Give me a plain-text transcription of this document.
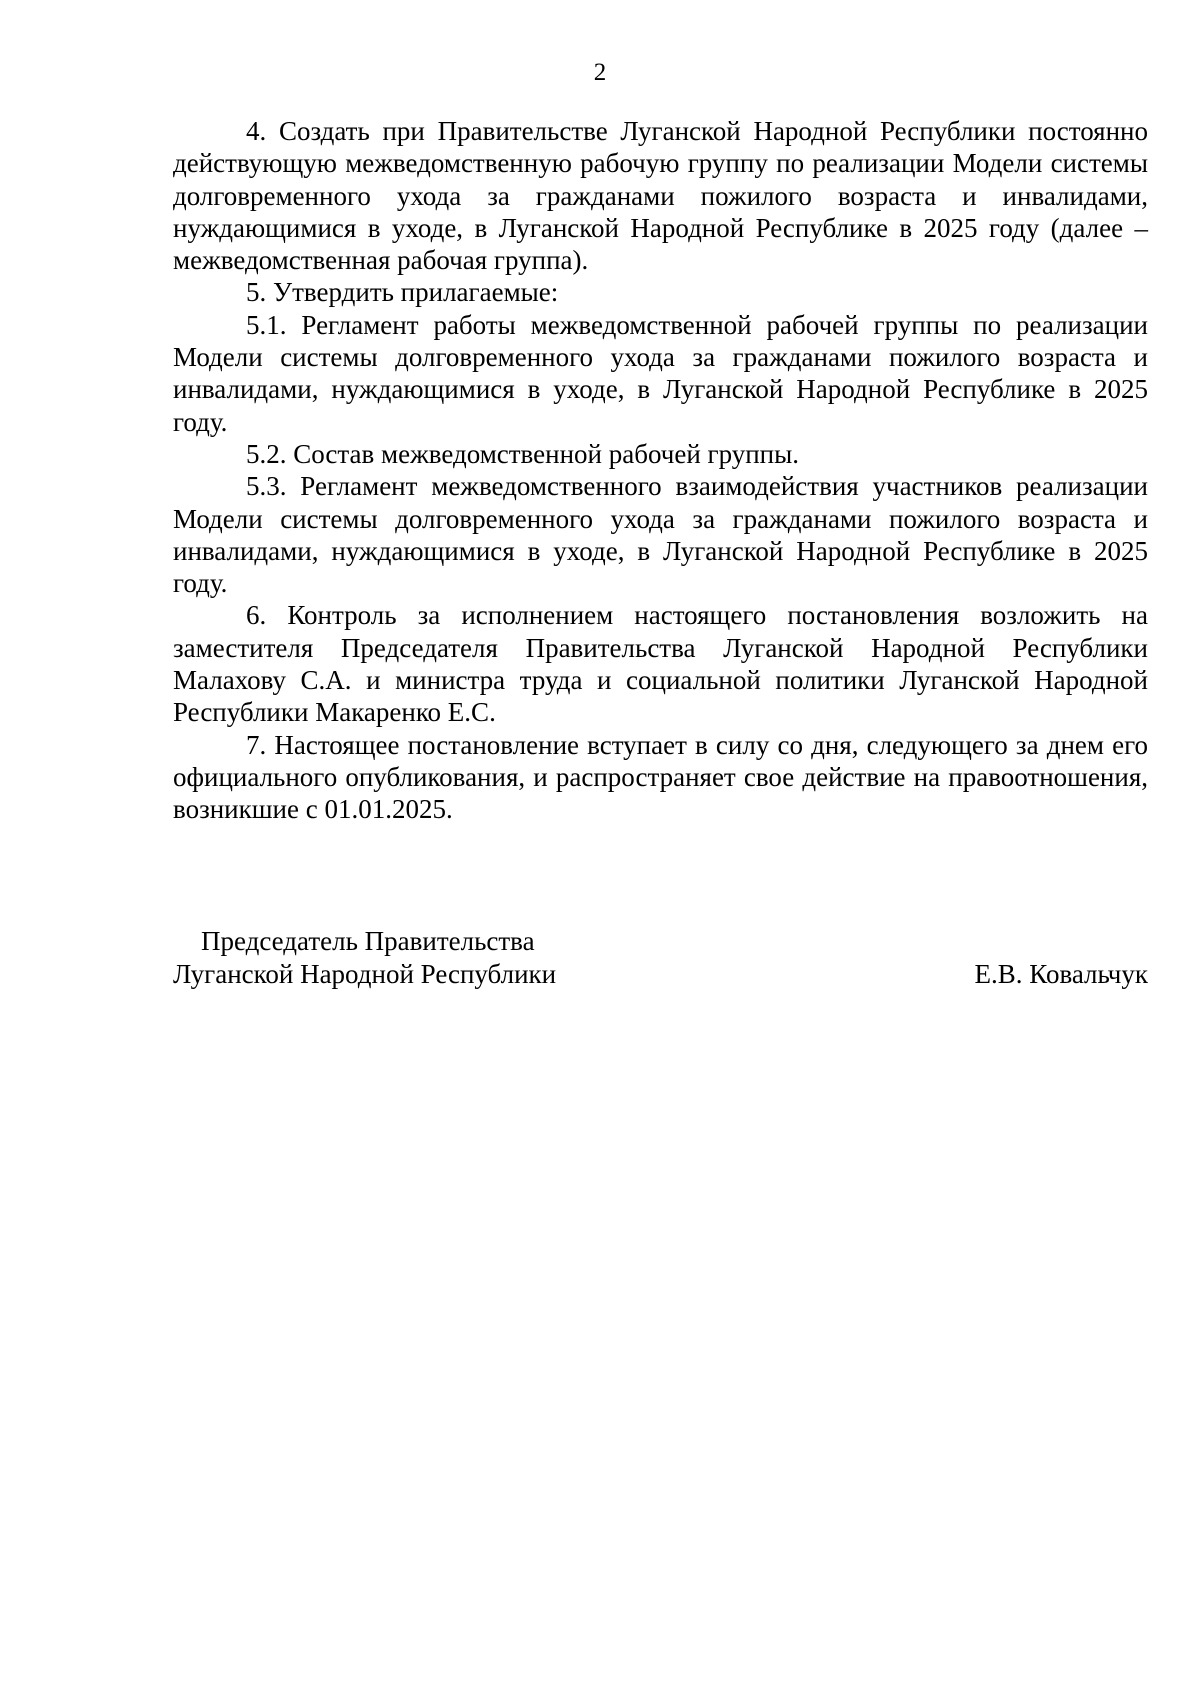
2

4. Создать при Правительстве Луганской Народной Республики постоянно действующую межведомственную рабочую группу по реализации Модели системы долговременного ухода за гражданами пожилого возраста и инвалидами, нуждающимися в уходе, в Луганской Народной Республике в 2025 году (далее – межведомственная рабочая группа).

5. Утвердить прилагаемые:

5.1. Регламент работы межведомственной рабочей группы по реализации Модели системы долговременного ухода за гражданами пожилого возраста и инвалидами, нуждающимися в уходе, в Луганской Народной Республике в 2025 году.

5.2. Состав межведомственной рабочей группы.

5.3. Регламент межведомственного взаимодействия участников реализации Модели системы долговременного ухода за гражданами пожилого возраста и инвалидами, нуждающимися в уходе, в Луганской Народной Республике в 2025 году.

6. Контроль за исполнением настоящего постановления возложить на заместителя Председателя Правительства Луганской Народной Республики Малахову С.А. и министра труда и социальной политики Луганской Народной Республики Макаренко Е.С.

7. Настоящее постановление вступает в силу со дня, следующего за днем его официального опубликования, и распространяет свое действие на правоотношения, возникшие с 01.01.2025.

Председатель Правительства
Луганской Народной Республики	Е.В. Ковальчук
